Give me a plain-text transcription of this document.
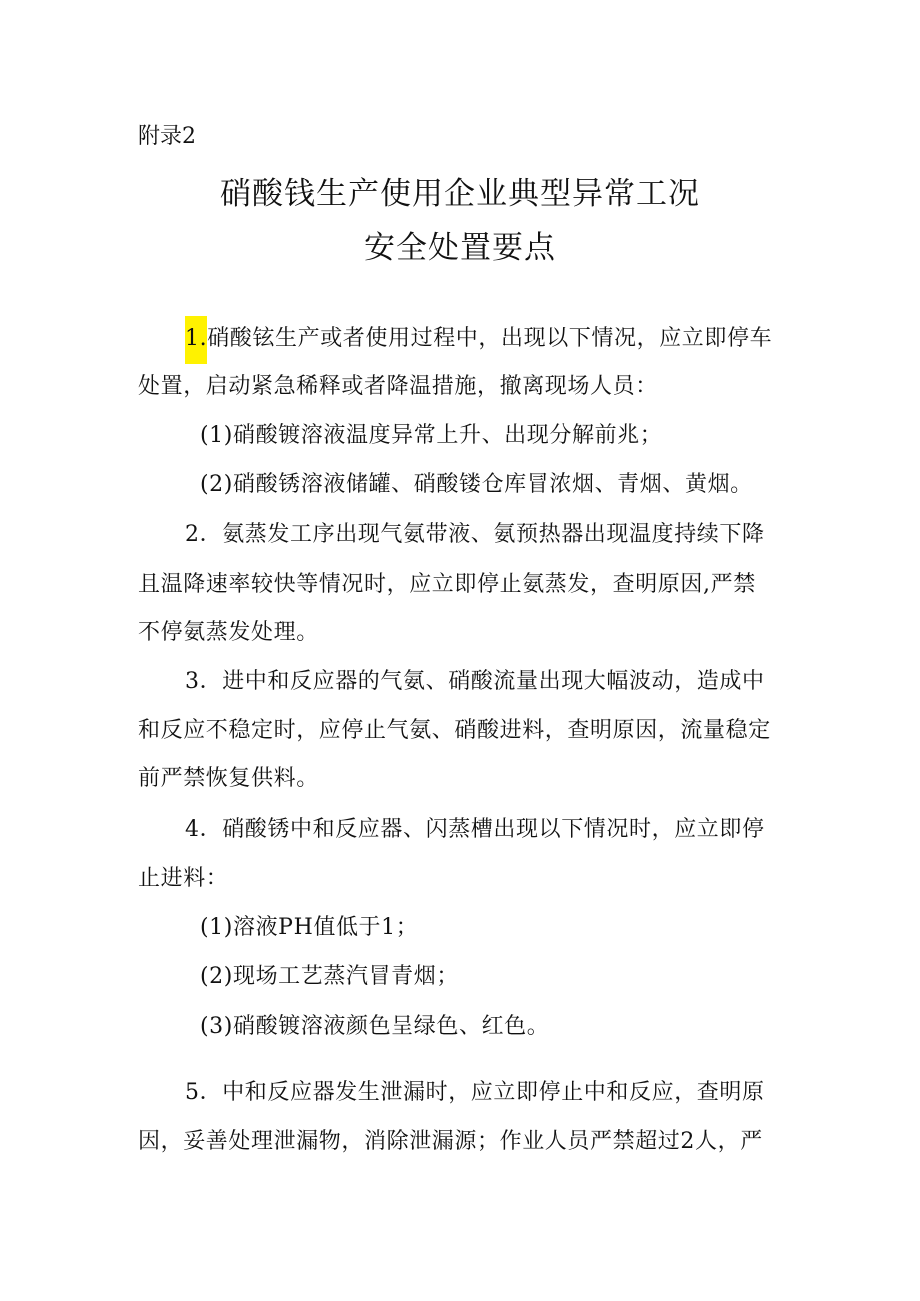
附录2
硝酸钱生产使用企业典型异常工况
安全处置要点
1.硝酸铉生产或者使用过程中，出现以下情况，应立即停车
处置，启动紧急稀释或者降温措施，撤离现场人员：
(1)硝酸镀溶液温度异常上升、出现分解前兆；
(2)硝酸锈溶液储罐、硝酸镂仓库冒浓烟、青烟、黄烟。
2．氨蒸发工序出现气氨带液、氨预热器出现温度持续下降
且温降速率较快等情况时，应立即停止氨蒸发，查明原因,严禁
不停氨蒸发处理。
3．进中和反应器的气氨、硝酸流量出现大幅波动，造成中
和反应不稳定时，应停止气氨、硝酸进料，查明原因，流量稳定
前严禁恢复供料。
4．硝酸锈中和反应器、闪蒸槽出现以下情况时，应立即停
止进料：
(1)溶液PH值低于1；
(2)现场工艺蒸汽冒青烟；
(3)硝酸镀溶液颜色呈绿色、红色。
5．中和反应器发生泄漏时，应立即停止中和反应，查明原
因，妥善处理泄漏物，消除泄漏源；作业人员严禁超过2人，严
